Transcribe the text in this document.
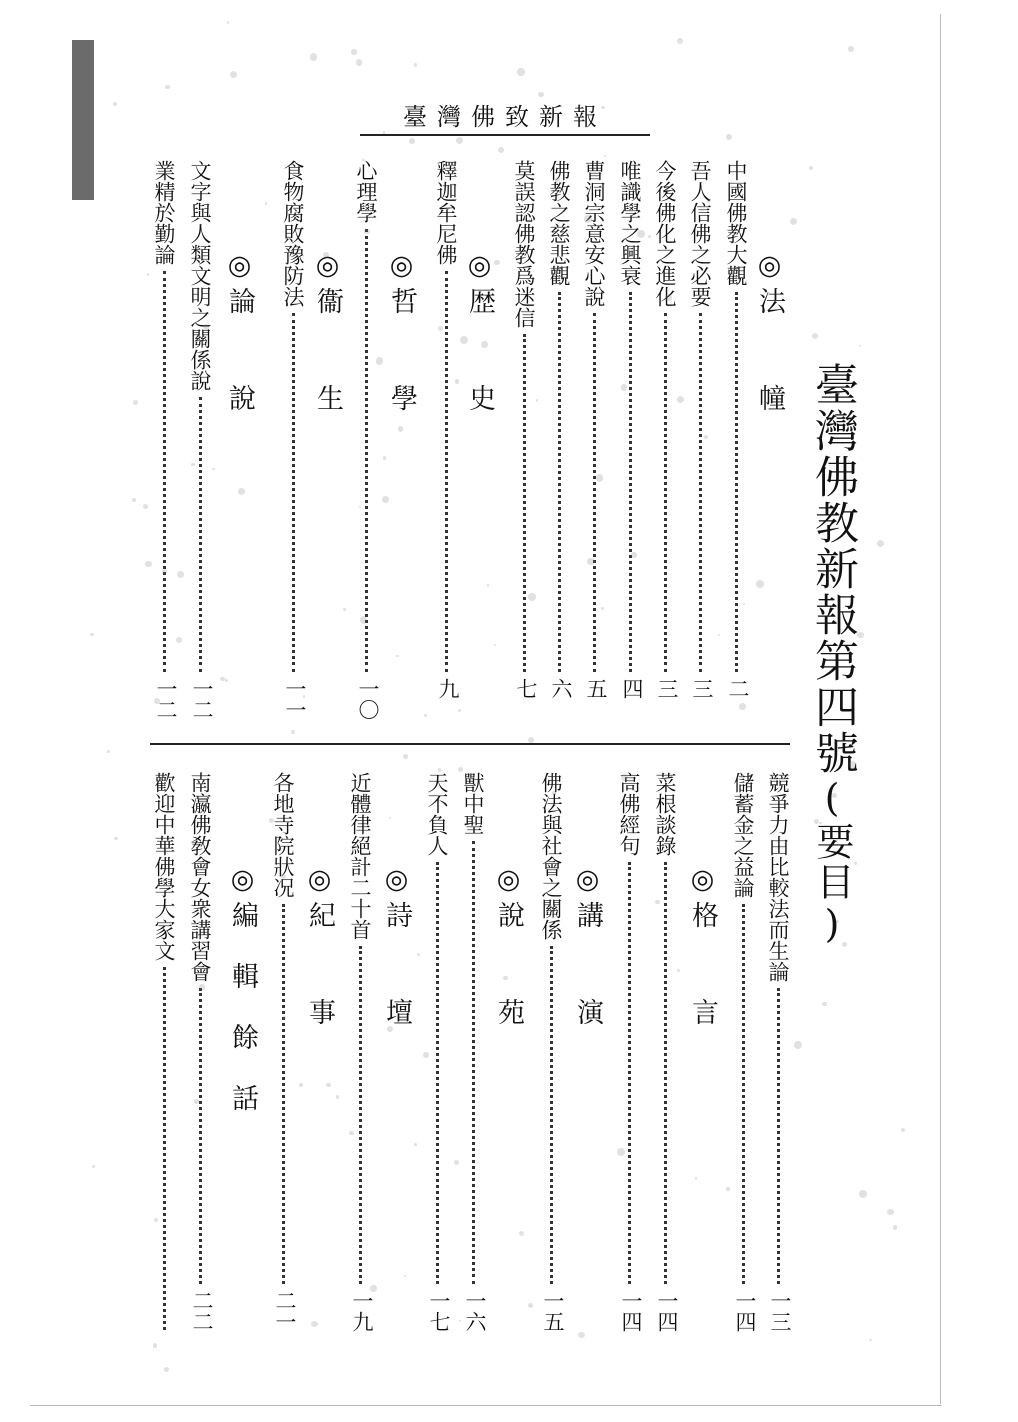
臺灣佛致新報
臺灣佛教新報第四號(要目)
◎法幢
中國佛教大觀
二
吾人信佛之必要
三
今後佛化之進化
三
唯識學之興衰
四
曹洞宗意安心說
五
佛教之慈悲觀
六
莫誤認佛教爲迷信
七
◎歴史
釋迦牟尼佛
九
◎哲學
心理學
一〇
◎衞生
食物腐敗豫防法
一一
◎論說
文字與人類文明之關係說
一二
業精於勤論
一二
競爭力由比較法而生論
一三
儲蓄金之益論
一四
◎格言
菜根談錄
一四
高佛經句
一四
◎講演
佛法與社會之關係
一五
◎說苑
獸中聖
一六
天不負人
一七
◎詩壇
近體律絕計二十首
一九
◎紀事
各地寺院狀况
二一
◎編輯餘話
南瀛佛敎會女衆講習會
二二
歡迎中華佛學大家文
